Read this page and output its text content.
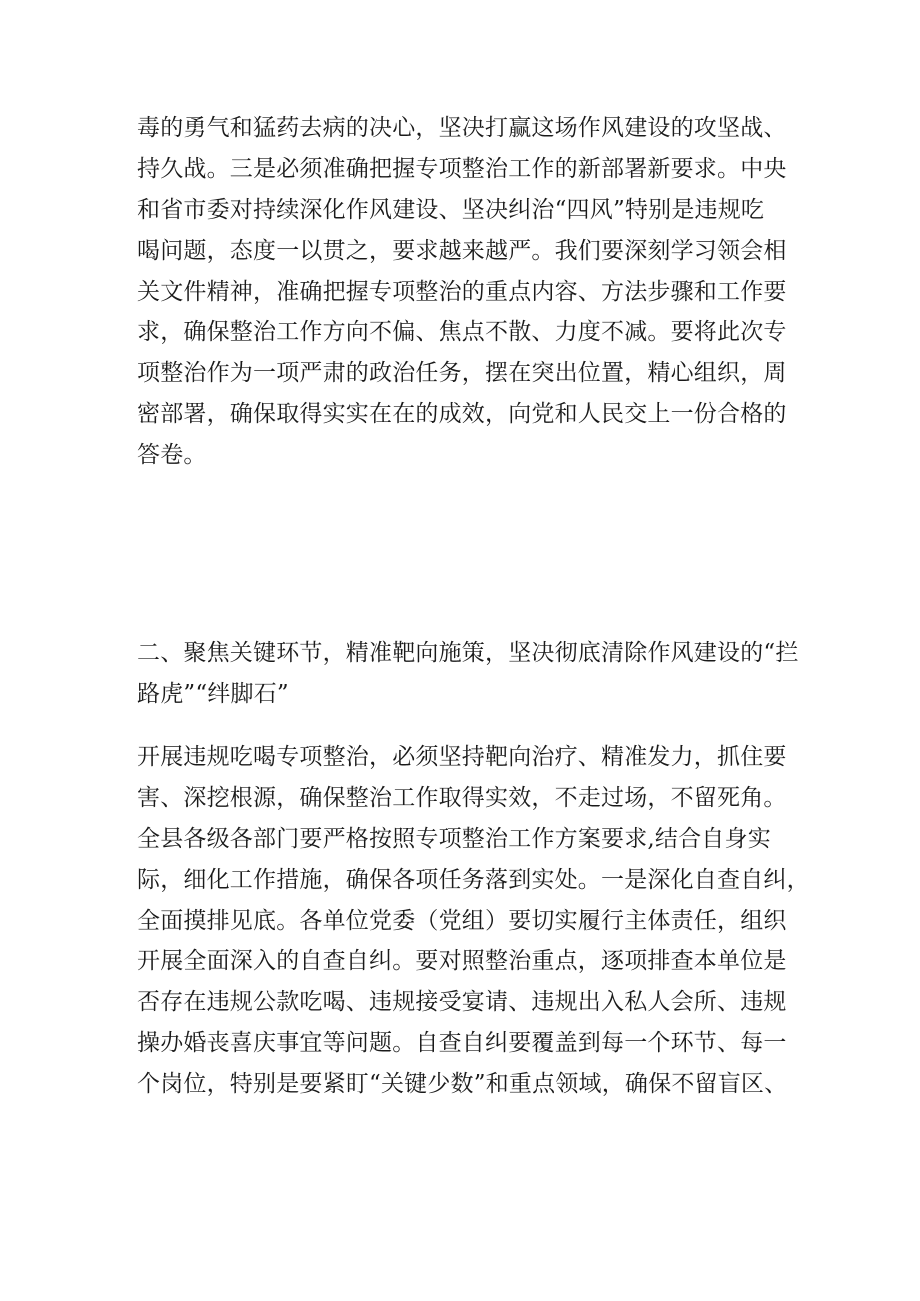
毒的勇气和猛药去病的决心，坚决打赢这场作风建设的攻坚战、
持久战。三是必须准确把握专项整治工作的新部署新要求。中央
和省市委对持续深化作风建设、坚决纠治“四风”特别是违规吃
喝问题，态度一以贯之，要求越来越严。我们要深刻学习领会相
关文件精神，准确把握专项整治的重点内容、方法步骤和工作要
求，确保整治工作方向不偏、焦点不散、力度不减。要将此次专
项整治作为一项严肃的政治任务，摆在突出位置，精心组织，周
密部署，确保取得实实在在的成效，向党和人民交上一份合格的
答卷。
二、聚焦关键环节，精准靶向施策，坚决彻底清除作风建设的“拦
路虎”“绊脚石”
开展违规吃喝专项整治，必须坚持靶向治疗、精准发力，抓住要
害、深挖根源，确保整治工作取得实效，不走过场，不留死角。
全县各级各部门要严格按照专项整治工作方案要求,结合自身实
际，细化工作措施，确保各项任务落到实处。一是深化自查自纠，
全面摸排见底。各单位党委（党组）要切实履行主体责任，组织
开展全面深入的自查自纠。要对照整治重点，逐项排查本单位是
否存在违规公款吃喝、违规接受宴请、违规出入私人会所、违规
操办婚丧喜庆事宜等问题。自查自纠要覆盖到每一个环节、每一
个岗位，特别是要紧盯“关键少数”和重点领域，确保不留盲区、
